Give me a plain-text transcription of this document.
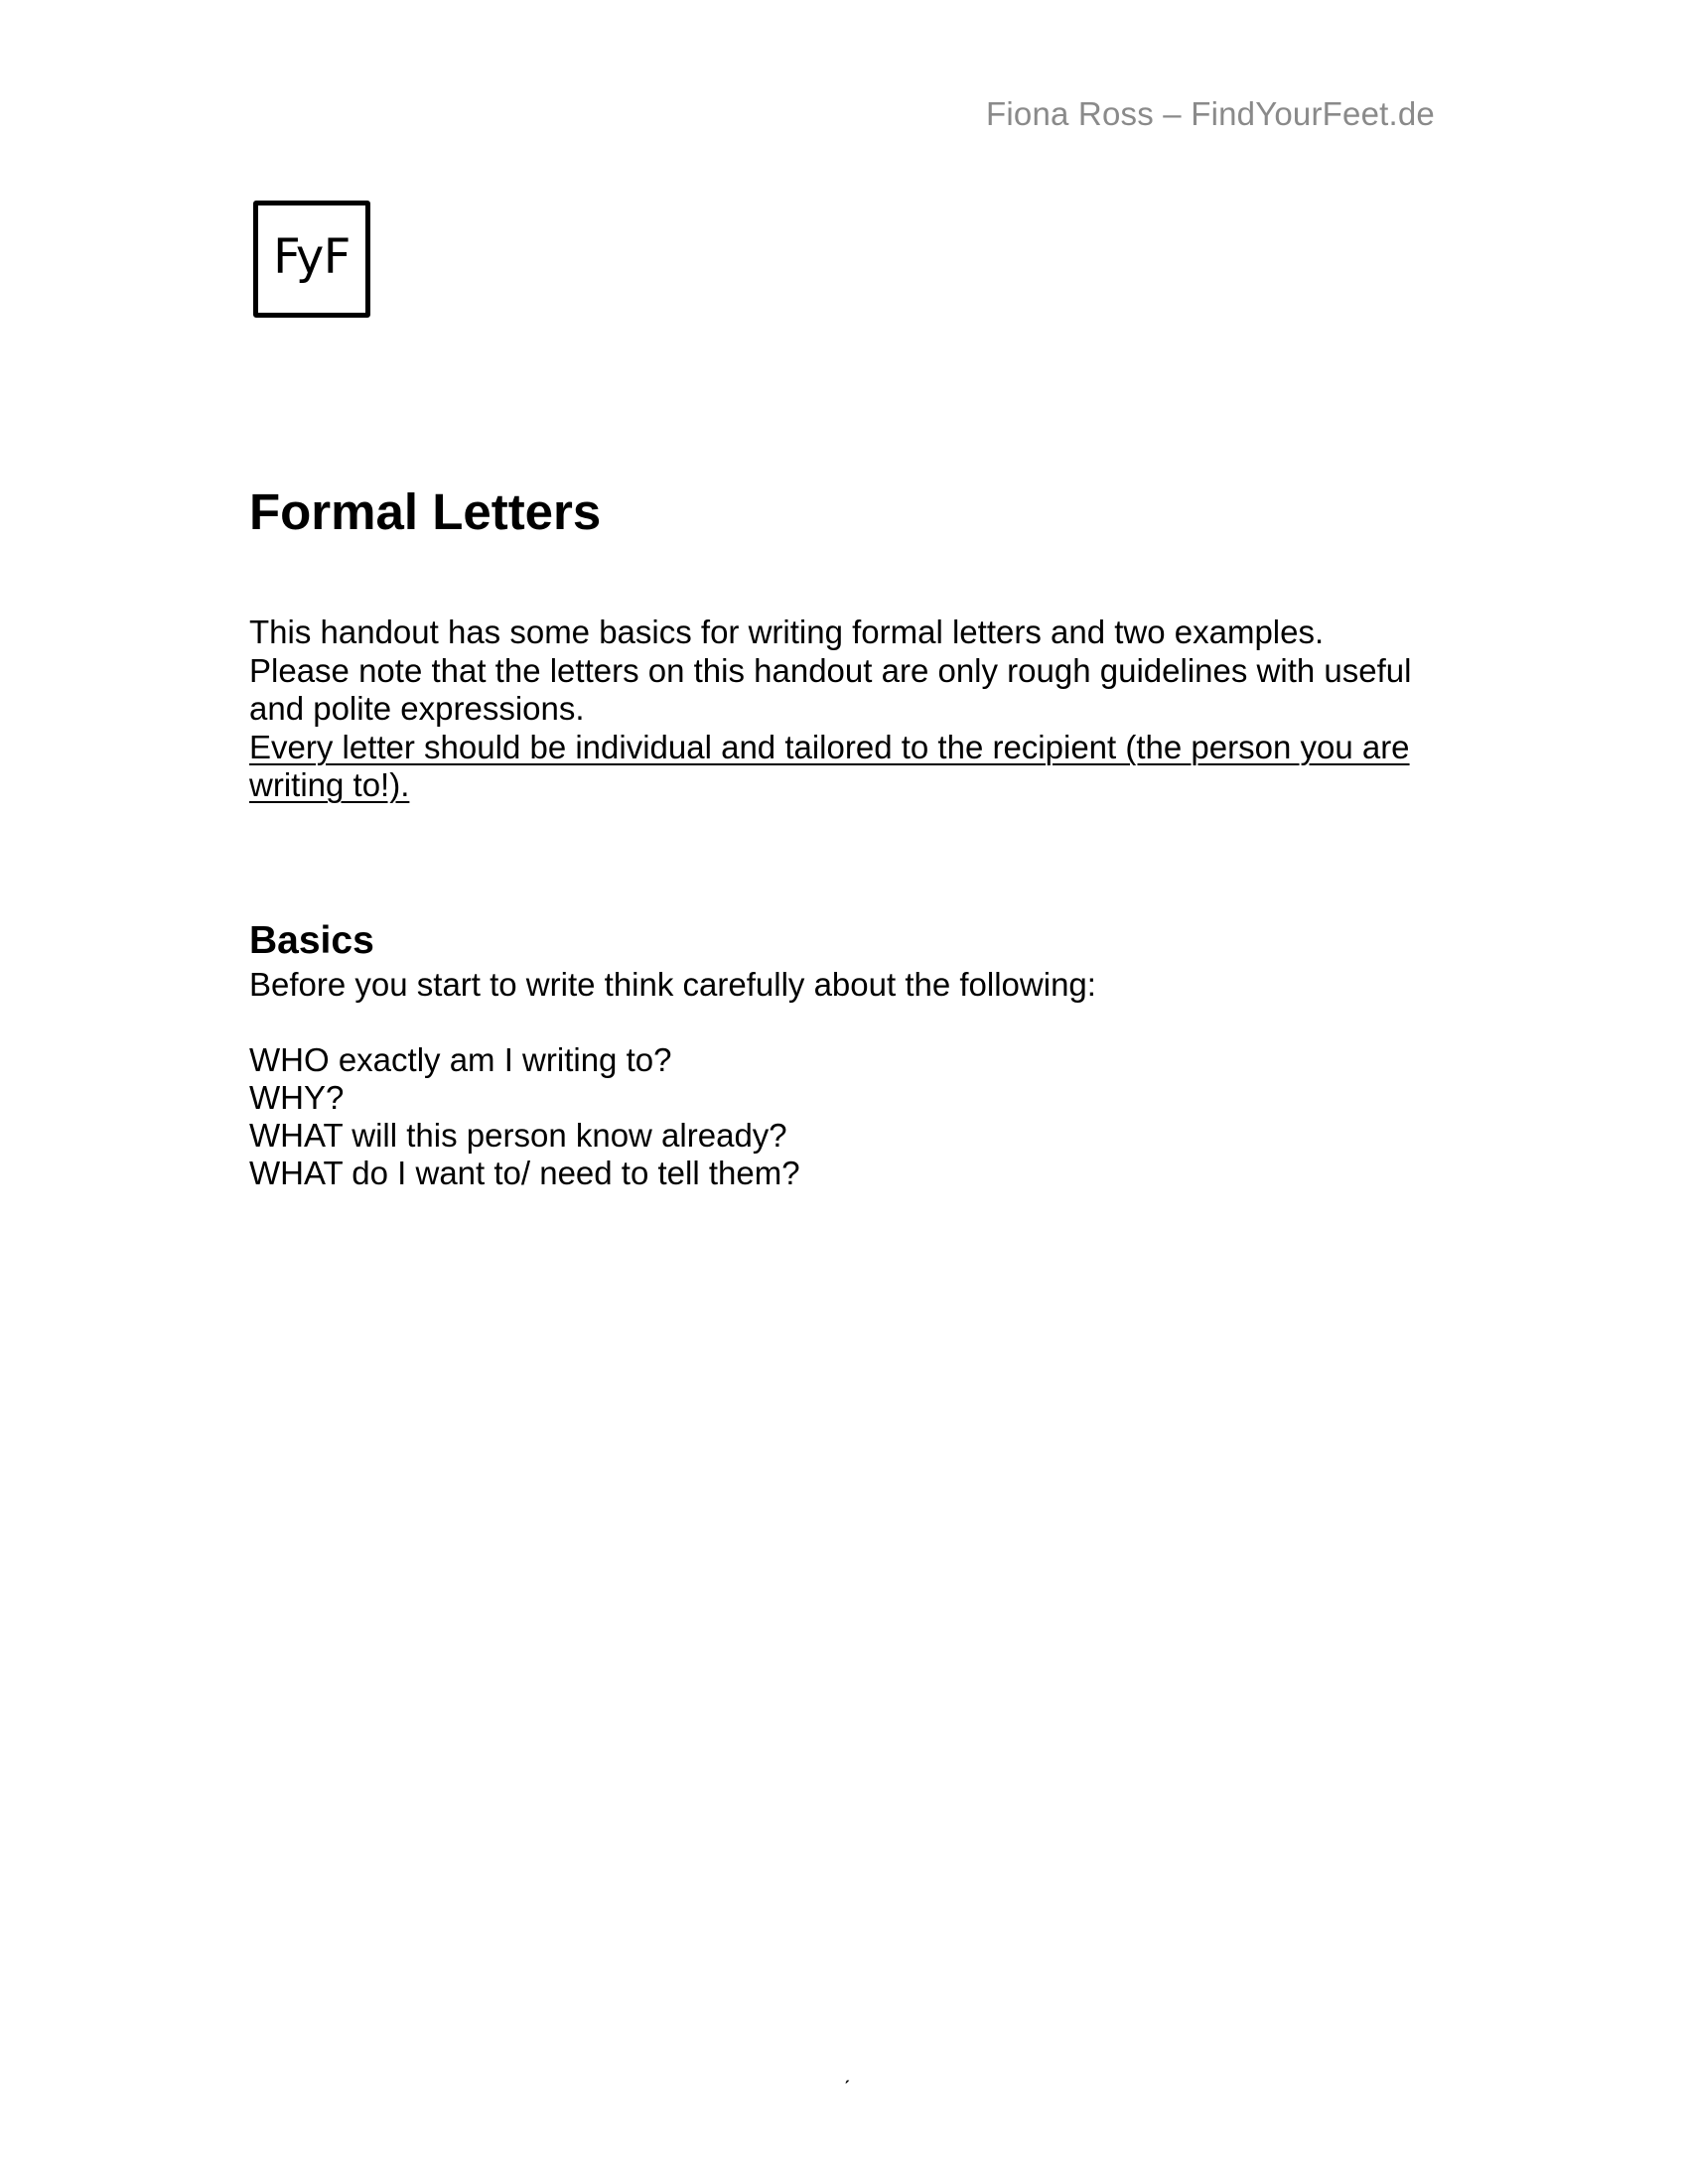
Fiona Ross – FindYourFeet.de
FyF
Formal Letters

This handout has some basics for writing formal letters and two examples.

Please note that the letters on this handout are only rough guidelines with useful and polite expressions.

Every letter should be individual and tailored to the recipient (the person you are writing to!).

Basics

Before you start to write think carefully about the following:

WHO exactly am I writing to?
WHY?
WHAT will this person know already?
WHAT do I want to/ need to tell them?
ˏ
